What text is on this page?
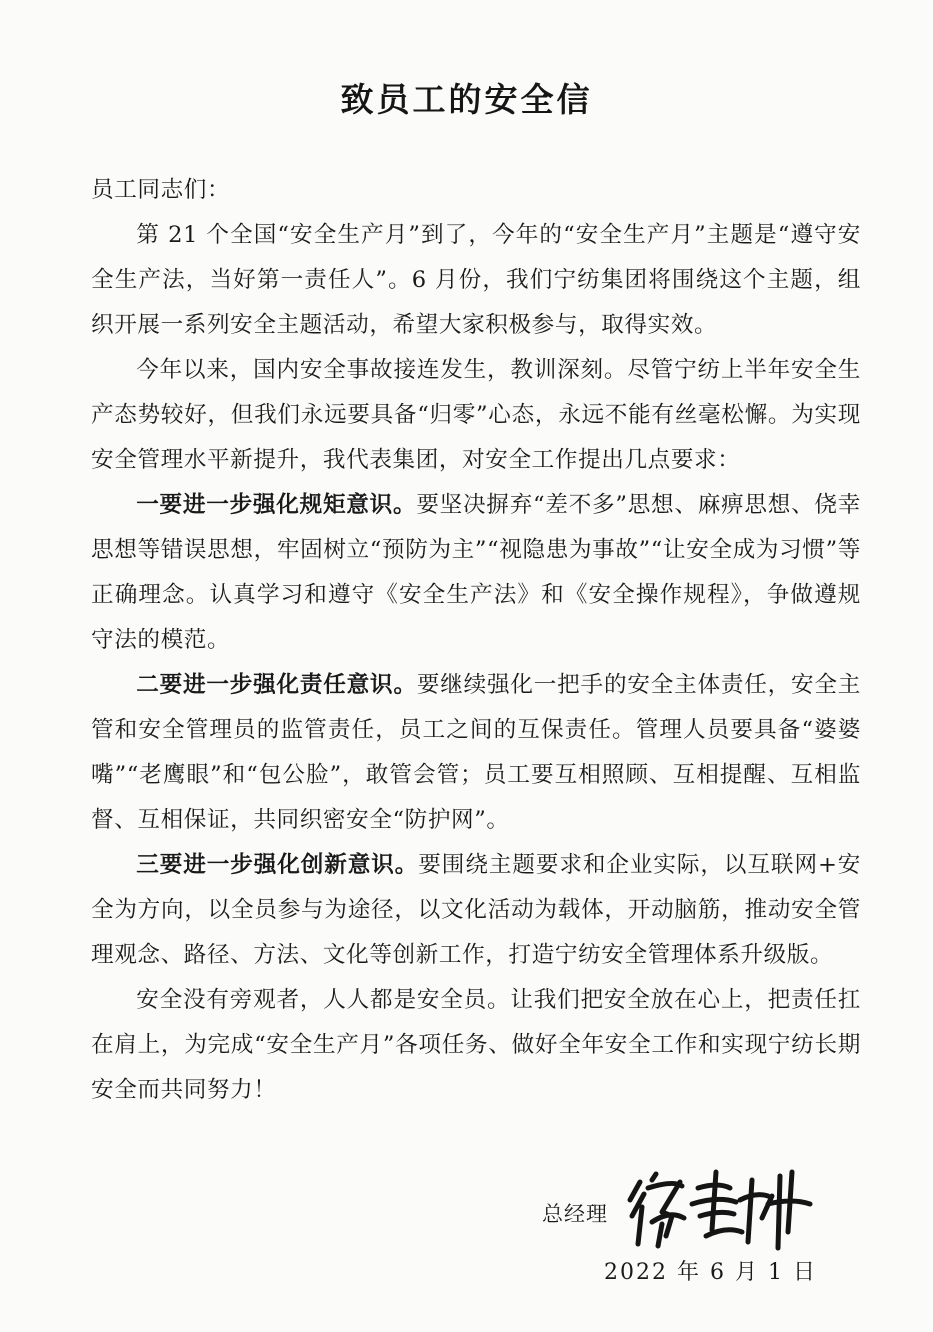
致员工的安全信

员工同志们：

第 21 个全国“安全生产月”到了，今年的“安全生产月”主题是“遵守安全生产法，当好第一责任人”。6 月份，我们宁纺集团将围绕这个主题，组织开展一系列安全主题活动，希望大家积极参与，取得实效。

今年以来，国内安全事故接连发生，教训深刻。尽管宁纺上半年安全生产态势较好，但我们永远要具备“归零”心态，永远不能有丝毫松懈。为实现安全管理水平新提升，我代表集团，对安全工作提出几点要求：

一要进一步强化规矩意识。要坚决摒弃“差不多”思想、麻痹思想、侥幸思想等错误思想，牢固树立“预防为主”“视隐患为事故”“让安全成为习惯”等正确理念。认真学习和遵守《安全生产法》和《安全操作规程》，争做遵规守法的模范。

二要进一步强化责任意识。要继续强化一把手的安全主体责任，安全主管和安全管理员的监管责任，员工之间的互保责任。管理人员要具备“婆婆嘴”“老鹰眼”和“包公脸”，敢管会管；员工要互相照顾、互相提醒、互相监督、互相保证，共同织密安全“防护网”。

三要进一步强化创新意识。要围绕主题要求和企业实际，以互联网+安全为方向，以全员参与为途径，以文化活动为载体，开动脑筋，推动安全管理观念、路径、方法、文化等创新工作，打造宁纺安全管理体系升级版。

安全没有旁观者，人人都是安全员。让我们把安全放在心上，把责任扛在肩上，为完成“安全生产月”各项任务、做好全年安全工作和实现宁纺长期安全而共同努力！

总经理
2022 年 6 月 1 日
